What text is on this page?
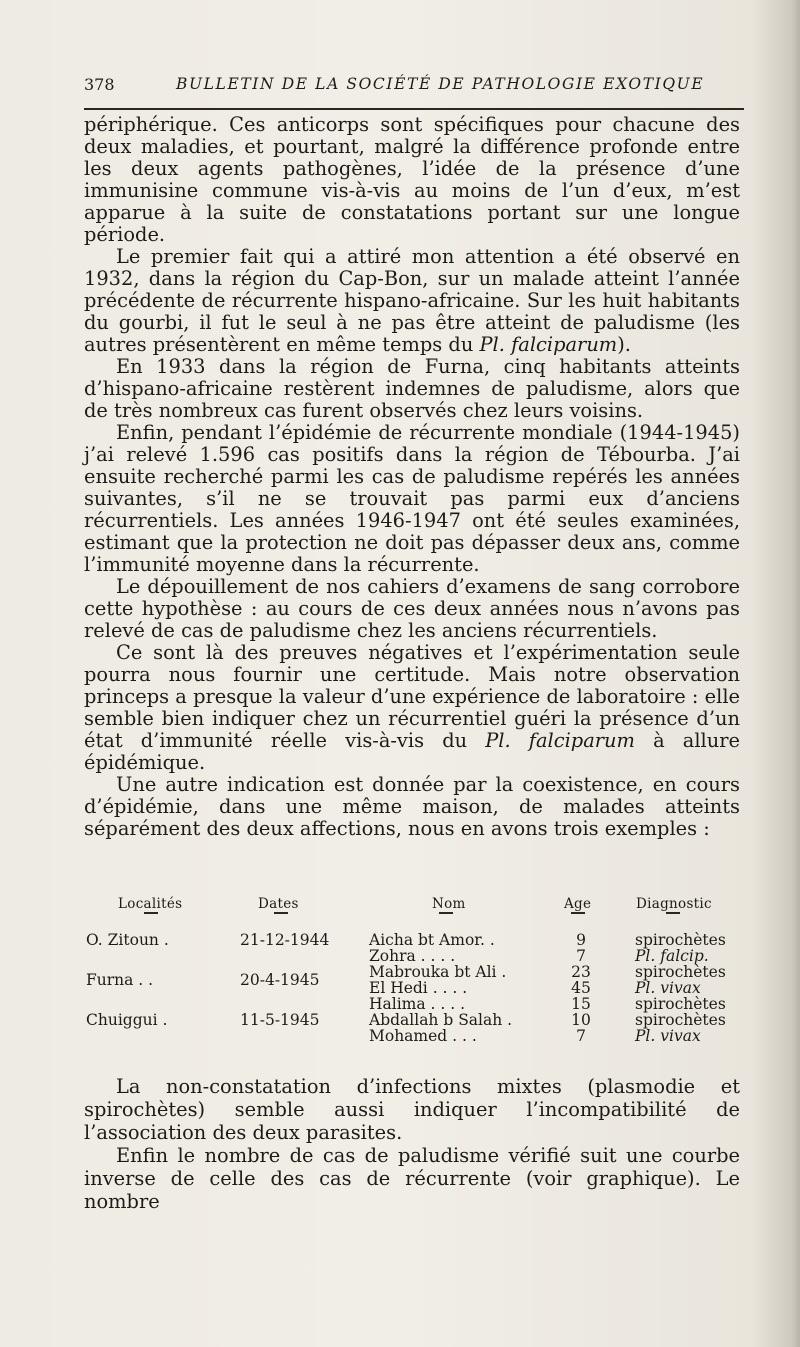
378	BULLETIN DE LA SOCIÉTÉ DE PATHOLOGIE EXOTIQUE

périphérique. Ces anticorps sont spécifiques pour chacune des deux maladies, et pourtant, malgré la différence profonde entre les deux agents pathogènes, l’idée de la présence d’une immunisine commune vis-à-vis au moins de l’un d’eux, m’est apparue à la suite de constatations portant sur une longue période.

Le premier fait qui a attiré mon attention a été observé en 1932, dans la région du Cap-Bon, sur un malade atteint l’année précédente de récurrente hispano-africaine. Sur les huit habitants du gourbi, il fut le seul à ne pas être atteint de paludisme (les autres présentèrent en même temps du Pl. falciparum).

En 1933 dans la région de Furna, cinq habitants atteints d’hispano-africaine restèrent indemnes de paludisme, alors que de très nombreux cas furent observés chez leurs voisins.

Enfin, pendant l’épidémie de récurrente mondiale (1944-1945) j’ai relevé 1.596 cas positifs dans la région de Tébourba. J’ai ensuite recherché parmi les cas de paludisme repérés les années suivantes, s’il ne se trouvait pas parmi eux d’anciens récurrentiels. Les années 1946-1947 ont été seules examinées, estimant que la protection ne doit pas dépasser deux ans, comme l’immunité moyenne dans la récurrente.

Le dépouillement de nos cahiers d’examens de sang corrobore cette hypothèse : au cours de ces deux années nous n’avons pas relevé de cas de paludisme chez les anciens récurrentiels.

Ce sont là des preuves négatives et l’expérimentation seule pourra nous fournir une certitude. Mais notre observation princeps a presque la valeur d’une expérience de laboratoire : elle semble bien indiquer chez un récurrentiel guéri la présence d’un état d’immunité réelle vis-à-vis du Pl. falciparum à allure épidémique.

Une autre indication est donnée par la coexistence, en cours d’épidémie, dans une même maison, de malades atteints séparément des deux affections, nous en avons trois exemples :

Localités	Dates	Nom	Age	Diagnostic
O. Zitoun .	21-12-1944	Aicha bt Amor. .	9	spirochètes
Zohra . . . .	7	Pl. falcip.
Furna . .	20-4-1945	Mabrouka bt Ali .	23	spirochètes
El Hedi . . . .	45	Pl. vivax
Halima . . . .	15	spirochètes
Chuiggui .	11-5-1945	Abdallah b Salah .	10	spirochètes
Mohamed . . .	7	Pl. vivax

La non-constatation d’infections mixtes (plasmodie et spirochètes) semble aussi indiquer l’incompatibilité de l’association des deux parasites.

Enfin le nombre de cas de paludisme vérifié suit une courbe inverse de celle des cas de récurrente (voir graphique). Le nombre
